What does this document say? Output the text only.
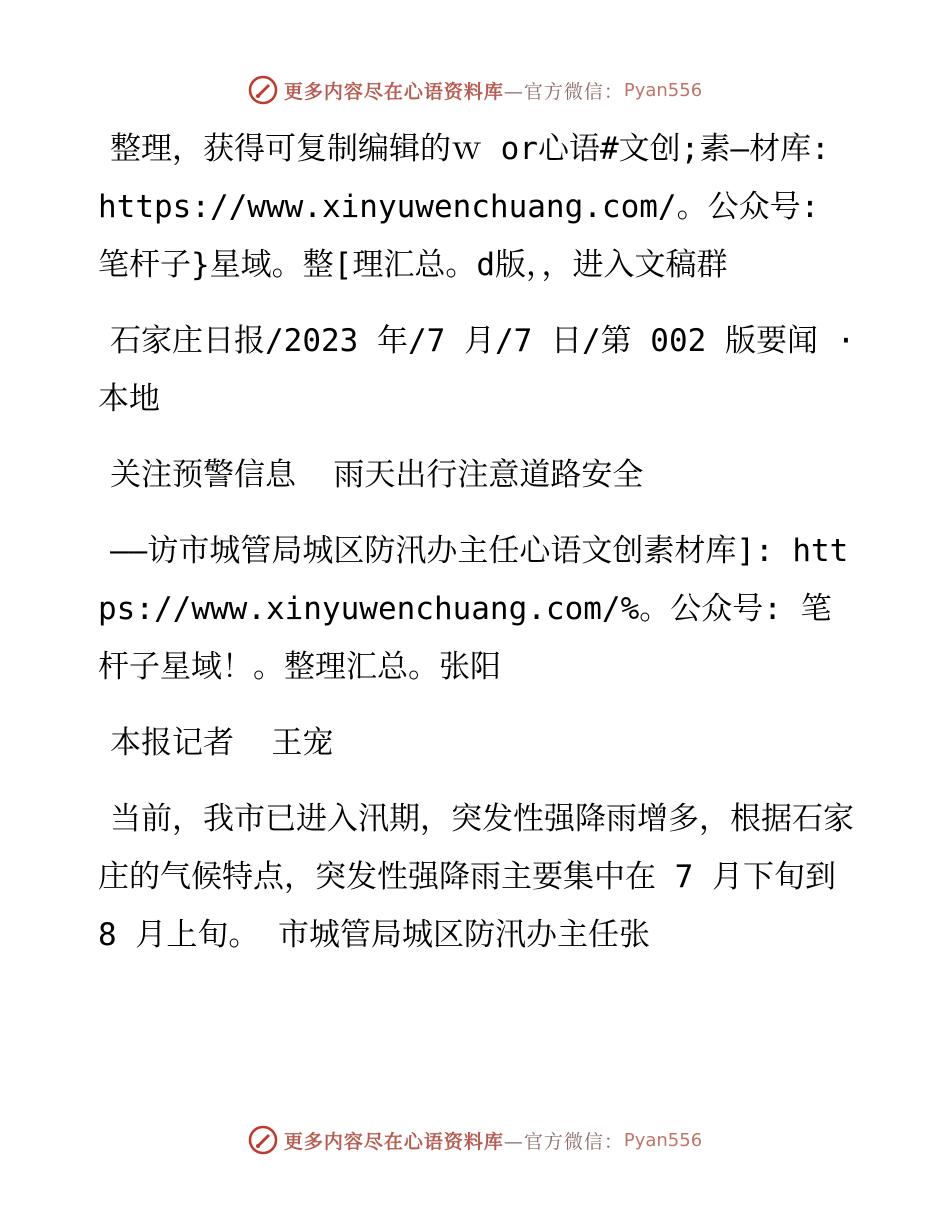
更多内容尽在心语资料库 —官方微信： Pyan556

整理，获得可复制编辑的ｗ or心语#文创;素—材库: https://www.xinyuwenchuang.com/。公众号: 笔杆子}星域。整[理汇总。d版，，进入文稿群

石家庄日报/2023 年/7 月/7 日/第 002 版要闻 · 本地

关注预警信息  雨天出行注意道路安全

——访市城管局城区防汛办主任心语文创素材库]: https://www.xinyuwenchuang.com/%。公众号: 笔杆子星域！。整理汇总。张阳

本报记者  王宠

当前，我市已进入汛期，突发性强降雨增多，根据石家庄的气候特点，突发性强降雨主要集中在 7 月下旬到 8 月上旬。 市城管局城区防汛办主任张

更多内容尽在心语资料库 —官方微信： Pyan556
